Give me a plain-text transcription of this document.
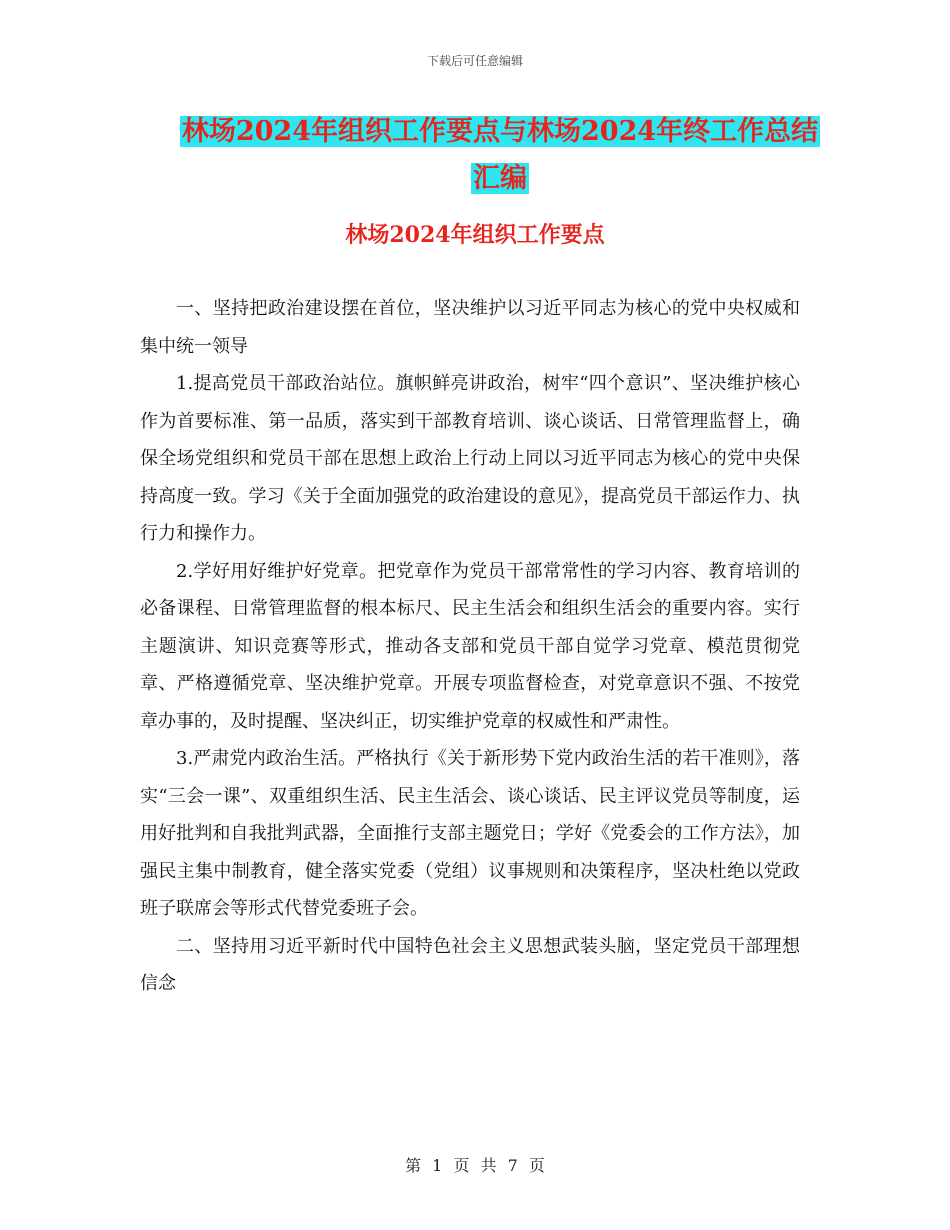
下载后可任意编辑
林场2024年组织工作要点与林场2024年终工作总结
汇编
林场2024年组织工作要点

一、坚持把政治建设摆在首位，坚决维护以习近平同志为核心的党中央权威和集中统一领导

1.提高党员干部政治站位。旗帜鲜亮讲政治，树牢“四个意识”、坚决维护核心作为首要标准、第一品质，落实到干部教育培训、谈心谈话、日常管理监督上，确保全场党组织和党员干部在思想上政治上行动上同以习近平同志为核心的党中央保持高度一致。学习《关于全面加强党的政治建设的意见》，提高党员干部运作力、执行力和操作力。

2.学好用好维护好党章。把党章作为党员干部常常性的学习内容、教育培训的必备课程、日常管理监督的根本标尺、民主生活会和组织生活会的重要内容。实行主题演讲、知识竞赛等形式，推动各支部和党员干部自觉学习党章、模范贯彻党章、严格遵循党章、坚决维护党章。开展专项监督检查，对党章意识不强、不按党章办事的，及时提醒、坚决纠正，切实维护党章的权威性和严肃性。

3.严肃党内政治生活。严格执行《关于新形势下党内政治生活的若干准则》，落实“三会一课”、双重组织生活、民主生活会、谈心谈话、民主评议党员等制度，运用好批判和自我批判武器，全面推行支部主题党日；学好《党委会的工作方法》，加强民主集中制教育，健全落实党委（党组）议事规则和决策程序，坚决杜绝以党政班子联席会等形式代替党委班子会。

二、坚持用习近平新时代中国特色社会主义思想武装头脑，坚定党员干部理想信念

第 1 页 共 7 页
